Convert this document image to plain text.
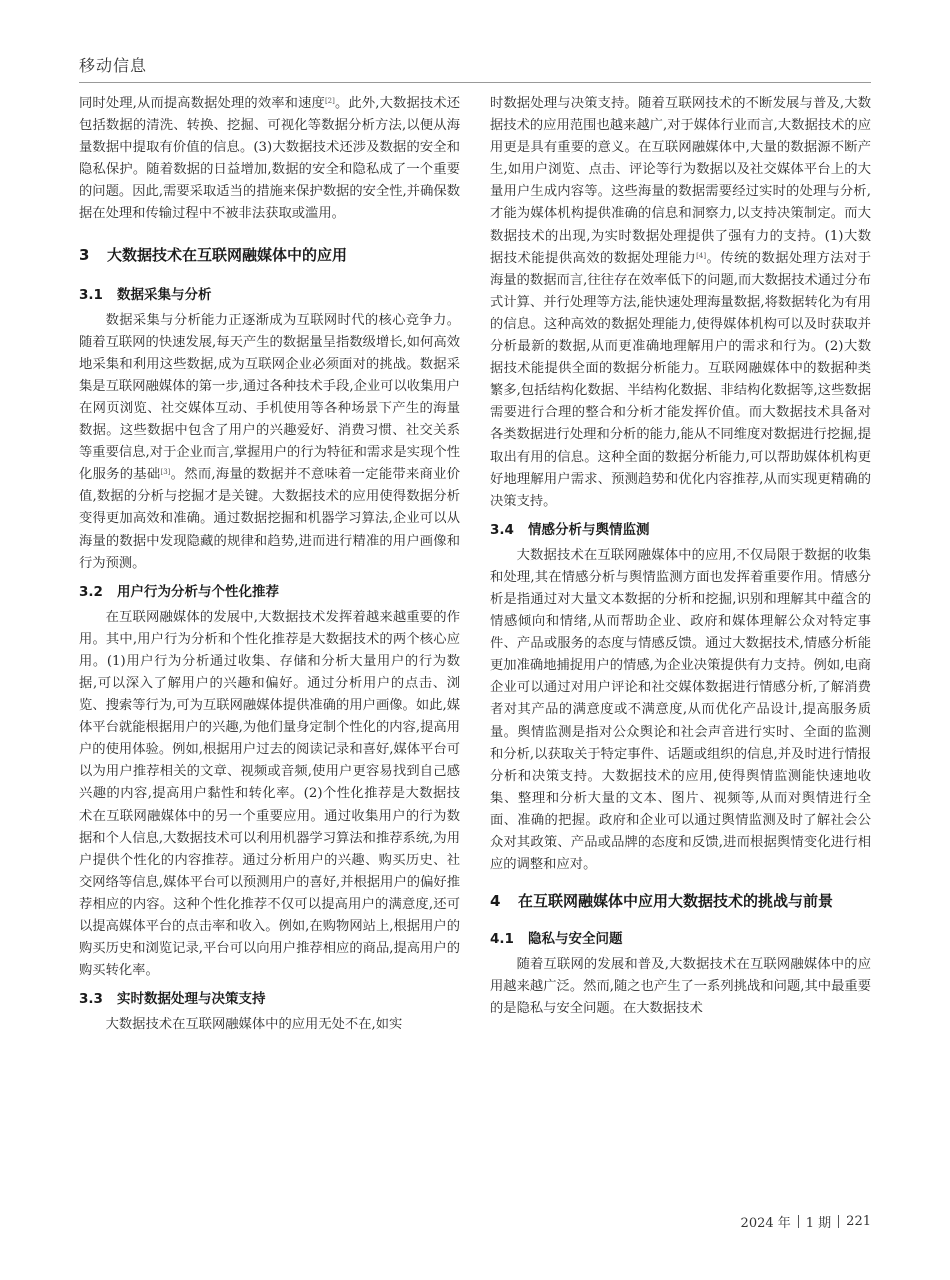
移动信息

同时处理,从而提高数据处理的效率和速度[2]。此外,大数据技术还包括数据的清洗、转换、挖掘、可视化等数据分析方法,以便从海量数据中提取有价值的信息。(3)大数据技术还涉及数据的安全和隐私保护。随着数据的日益增加,数据的安全和隐私成了一个重要的问题。因此,需要采取适当的措施来保护数据的安全性,并确保数据在处理和传输过程中不被非法获取或滥用。

3	大数据技术在互联网融媒体中的应用
3.1	数据采集与分析

数据采集与分析能力正逐渐成为互联网时代的核心竞争力。随着互联网的快速发展,每天产生的数据量呈指数级增长,如何高效地采集和利用这些数据,成为互联网企业必须面对的挑战。数据采集是互联网融媒体的第一步,通过各种技术手段,企业可以收集用户在网页浏览、社交媒体互动、手机使用等各种场景下产生的海量数据。这些数据中包含了用户的兴趣爱好、消费习惯、社交关系等重要信息,对于企业而言,掌握用户的行为特征和需求是实现个性化服务的基础[3]。然而,海量的数据并不意味着一定能带来商业价值,数据的分析与挖掘才是关键。大数据技术的应用使得数据分析变得更加高效和准确。通过数据挖掘和机器学习算法,企业可以从海量的数据中发现隐藏的规律和趋势,进而进行精准的用户画像和行为预测。

3.2	用户行为分析与个性化推荐

在互联网融媒体的发展中,大数据技术发挥着越来越重要的作用。其中,用户行为分析和个性化推荐是大数据技术的两个核心应用。(1)用户行为分析通过收集、存储和分析大量用户的行为数据,可以深入了解用户的兴趣和偏好。通过分析用户的点击、浏览、搜索等行为,可为互联网融媒体提供准确的用户画像。如此,媒体平台就能根据用户的兴趣,为他们量身定制个性化的内容,提高用户的使用体验。例如,根据用户过去的阅读记录和喜好,媒体平台可以为用户推荐相关的文章、视频或音频,使用户更容易找到自己感兴趣的内容,提高用户黏性和转化率。(2)个性化推荐是大数据技术在互联网融媒体中的另一个重要应用。通过收集用户的行为数据和个人信息,大数据技术可以利用机器学习算法和推荐系统,为用户提供个性化的内容推荐。通过分析用户的兴趣、购买历史、社交网络等信息,媒体平台可以预测用户的喜好,并根据用户的偏好推荐相应的内容。这种个性化推荐不仅可以提高用户的满意度,还可以提高媒体平台的点击率和收入。例如,在购物网站上,根据用户的购买历史和浏览记录,平台可以向用户推荐相应的商品,提高用户的购买转化率。

3.3	实时数据处理与决策支持

大数据技术在互联网融媒体中的应用无处不在,如实

时数据处理与决策支持。随着互联网技术的不断发展与普及,大数据技术的应用范围也越来越广,对于媒体行业而言,大数据技术的应用更是具有重要的意义。在互联网融媒体中,大量的数据源不断产生,如用户浏览、点击、评论等行为数据以及社交媒体平台上的大量用户生成内容等。这些海量的数据需要经过实时的处理与分析,才能为媒体机构提供准确的信息和洞察力,以支持决策制定。而大数据技术的出现,为实时数据处理提供了强有力的支持。(1)大数据技术能提供高效的数据处理能力[4]。传统的数据处理方法对于海量的数据而言,往往存在效率低下的问题,而大数据技术通过分布式计算、并行处理等方法,能快速处理海量数据,将数据转化为有用的信息。这种高效的数据处理能力,使得媒体机构可以及时获取并分析最新的数据,从而更准确地理解用户的需求和行为。(2)大数据技术能提供全面的数据分析能力。互联网融媒体中的数据种类繁多,包括结构化数据、半结构化数据、非结构化数据等,这些数据需要进行合理的整合和分析才能发挥价值。而大数据技术具备对各类数据进行处理和分析的能力,能从不同维度对数据进行挖掘,提取出有用的信息。这种全面的数据分析能力,可以帮助媒体机构更好地理解用户需求、预测趋势和优化内容推荐,从而实现更精确的决策支持。

3.4	情感分析与舆情监测

大数据技术在互联网融媒体中的应用,不仅局限于数据的收集和处理,其在情感分析与舆情监测方面也发挥着重要作用。情感分析是指通过对大量文本数据的分析和挖掘,识别和理解其中蕴含的情感倾向和情绪,从而帮助企业、政府和媒体理解公众对特定事件、产品或服务的态度与情感反馈。通过大数据技术,情感分析能更加准确地捕捉用户的情感,为企业决策提供有力支持。例如,电商企业可以通过对用户评论和社交媒体数据进行情感分析,了解消费者对其产品的满意度或不满意度,从而优化产品设计,提高服务质量。舆情监测是指对公众舆论和社会声音进行实时、全面的监测和分析,以获取关于特定事件、话题或组织的信息,并及时进行情报分析和决策支持。大数据技术的应用,使得舆情监测能快速地收集、整理和分析大量的文本、图片、视频等,从而对舆情进行全面、准确的把握。政府和企业可以通过舆情监测及时了解社会公众对其政策、产品或品牌的态度和反馈,进而根据舆情变化进行相应的调整和应对。

4	在互联网融媒体中应用大数据技术的挑战与前景
4.1	隐私与安全问题

随着互联网的发展和普及,大数据技术在互联网融媒体中的应用越来越广泛。然而,随之也产生了一系列挑战和问题,其中最重要的是隐私与安全问题。在大数据技术

2024 年 1 期 221
